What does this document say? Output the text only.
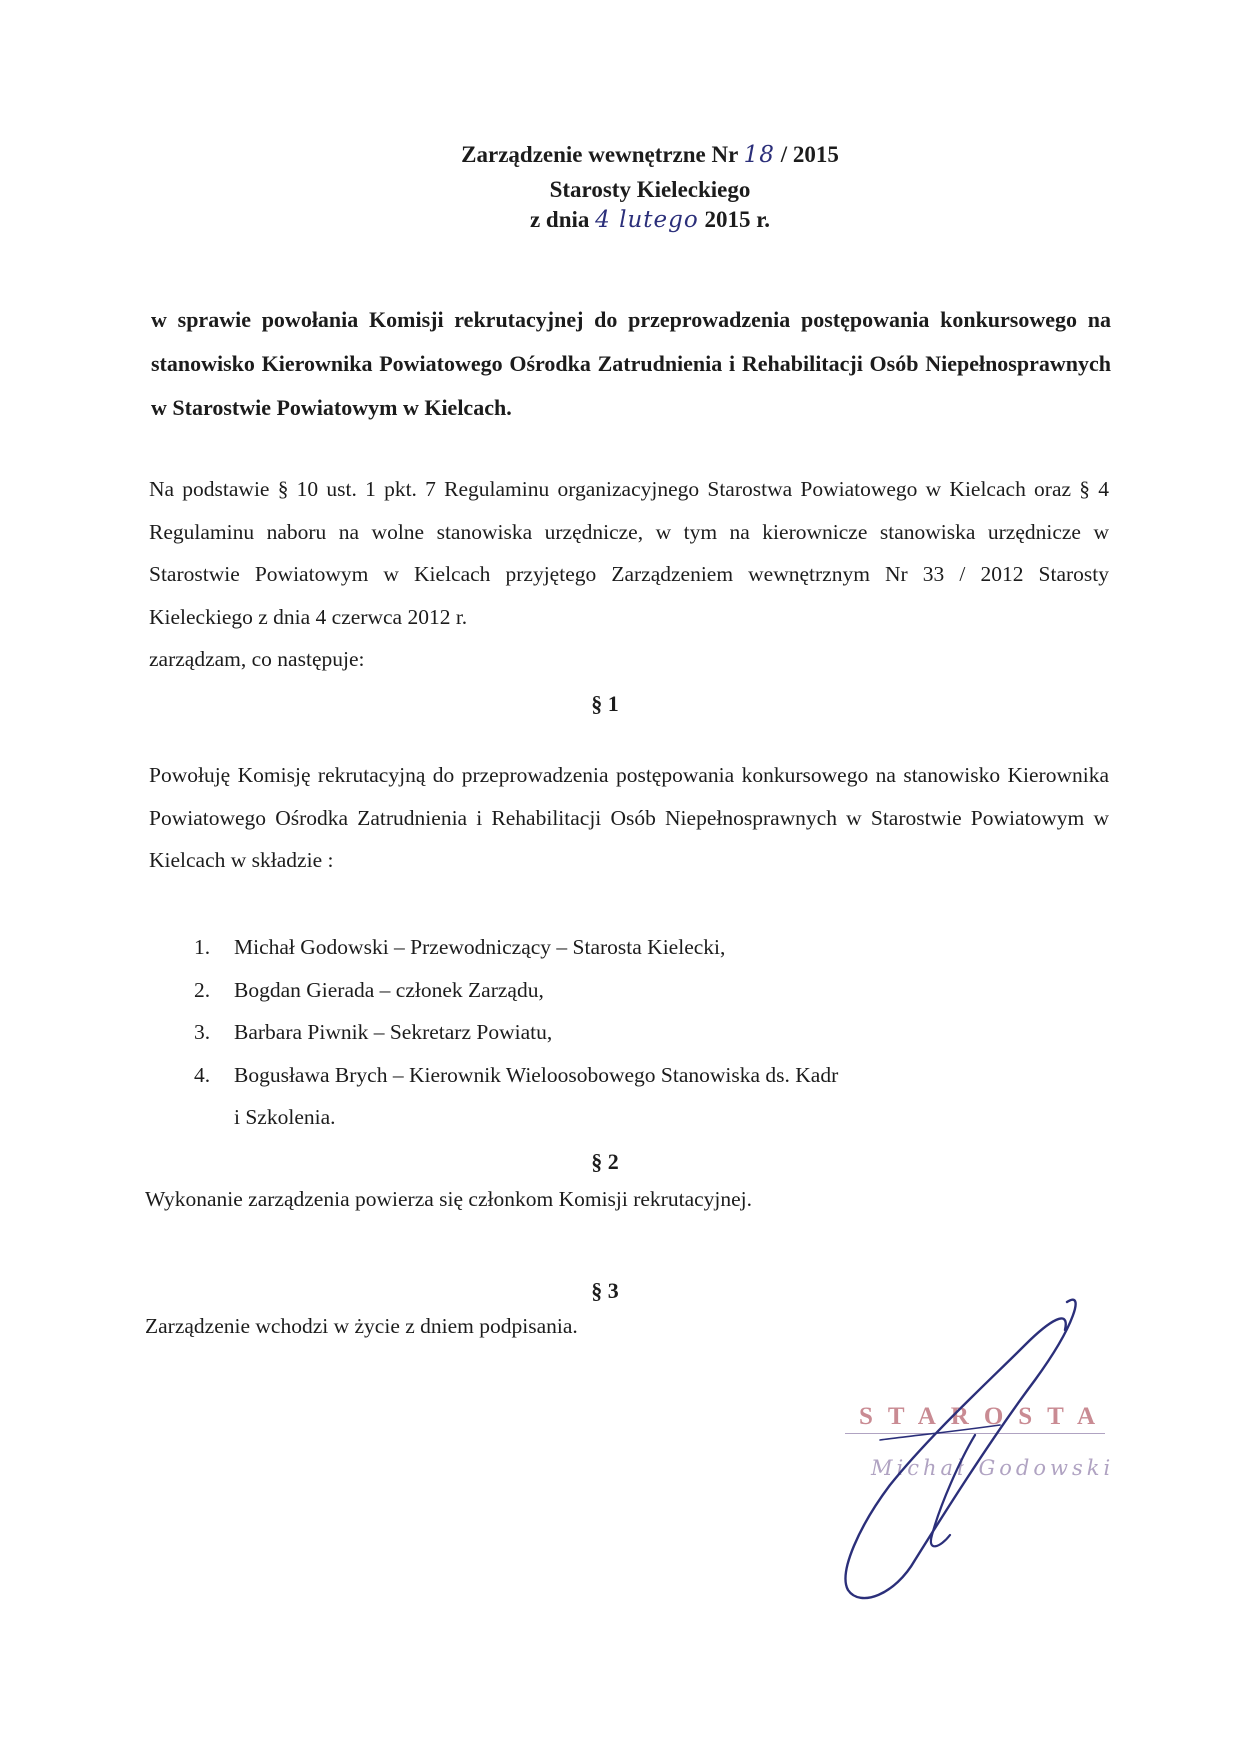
Zarządzenie wewnętrzne Nr 18 / 2015
Starosty Kieleckiego
z dnia 4 lutego 2015 r.
w sprawie powołania Komisji rekrutacyjnej do przeprowadzenia postępowania konkursowego na stanowisko Kierownika Powiatowego Ośrodka Zatrudnienia i Rehabilitacji Osób Niepełnosprawnych w Starostwie Powiatowym w Kielcach.
Na podstawie § 10 ust. 1 pkt. 7 Regulaminu organizacyjnego Starostwa Powiatowego w Kielcach oraz § 4 Regulaminu naboru na wolne stanowiska urzędnicze, w tym na kierownicze stanowiska urzędnicze w Starostwie Powiatowym w Kielcach przyjętego Zarządzeniem wewnętrznym Nr 33 / 2012 Starosty Kieleckiego z dnia 4 czerwca 2012 r.
zarządzam, co następuje:
§ 1
Powołuję Komisję rekrutacyjną do przeprowadzenia postępowania konkursowego na stanowisko Kierownika Powiatowego Ośrodka Zatrudnienia i Rehabilitacji Osób Niepełnosprawnych w Starostwie Powiatowym w Kielcach w składzie :
1. Michał Godowski – Przewodniczący – Starosta Kielecki,
2. Bogdan Gierada – członek Zarządu,
3. Barbara Piwnik – Sekretarz Powiatu,
4. Bogusława Brych – Kierownik Wieloosobowego Stanowiska ds. Kadr
i Szkolenia.
§ 2
Wykonanie zarządzenia powierza się członkom Komisji rekrutacyjnej.
§ 3
Zarządzenie wchodzi w życie z dniem podpisania.
STAROSTA
Michał Godowski
